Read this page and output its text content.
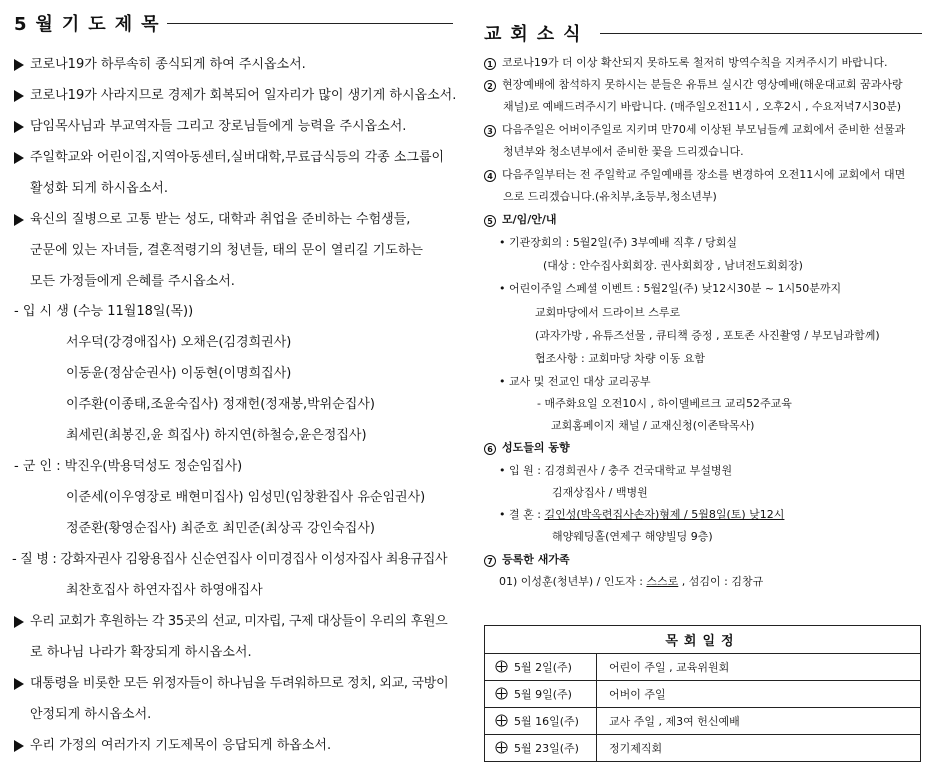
5월기도제목
코로나19가 하루속히 종식되게 하여 주시옵소서.
코로나19가 사라지므로 경제가 회복되어 일자리가 많이 생기게 하시옵소서.
담임목사님과 부교역자들 그리고 장로님들에게 능력을 주시옵소서.
주일학교와 어린이집,지역아동센터,실버대학,무료급식등의 각종 소그룹이
활성화 되게 하시옵소서.
육신의 질병으로 고통 받는 성도, 대학과 취업을 준비하는 수험생들,
군문에 있는 자녀들, 결혼적령기의 청년들, 태의 문이 열리길 기도하는
모든 가정들에게 은혜를 주시옵소서.
- 입 시 생 (수능 11월18일(목))
서우덕(강경애집사) 오채은(김경희권사)
이동윤(정삼순권사) 이동현(이명희집사)
이주환(이종태,조윤숙집사) 정재헌(정재봉,박위순집사)
최세린(최봉진,윤 희집사) 하지연(하철승,윤은정집사)
- 군 인 : 박진우(박용덕성도 정순임집사)
이준세(이우영장로 배현미집사) 임성민(임창환집사 유순임권사)
정준환(황영순집사) 최준호 최민준(최상곡 강인숙집사)
- 질 병 : 강화자권사 김왕용집사 신순연집사 이미경집사 이성자집사 최용규집사
최찬호집사 하연자집사 하영애집사
우리 교회가 후원하는 각 35곳의 선교, 미자립, 구제 대상들이 우리의 후원으
로 하나님 나라가 확장되게 하시옵소서.
대통령을 비롯한 모든 위정자들이 하나님을 두려워하므로 정치, 외교, 국방이
안정되게 하시옵소서.
우리 가정의 여러가지 기도제목이 응답되게 하옵소서.
교회소식
1 코로나19가 더 이상 확산되지 못하도록 철저히 방역수칙을 지켜주시기 바랍니다.
2 현장예배에 참석하지 못하시는 분들은 유튜브 실시간 영상예배(해운대교회 꿈과사랑
채널)로 예배드려주시기 바랍니다. (매주일오전11시 , 오후2시 , 수요저녁7시30분)
3 다음주일은 어버이주일로 지키며 만70세 이상된 부모님들께 교회에서 준비한 선물과
청년부와 청소년부에서 준비한 꽃을 드리겠습니다.
4 다음주일부터는 전 주일학교 주일예배를 장소를 변경하여 오전11시에 교회에서 대면
으로 드리겠습니다.(유치부,초등부,청소년부)
5 모/임/안/내
• 기관장회의 : 5월2일(주) 3부예배 직후 / 당회실
(대상 : 안수집사회회장. 권사회회장 , 남녀전도회회장)
• 어린이주일 스페셜 이벤트 : 5월2일(주) 낮12시30분 ~ 1시50분까지
교회마당에서 드라이브 스루로
(과자가방 , 유튜즈선물 , 큐티책 증정 , 포토존 사진촬영 / 부모님과함께)
협조사항 : 교회마당 차량 이동 요함
• 교사 및 전교인 대상 교리공부
- 매주화요일 오전10시 , 하이델베르크 교리52주교육
교회홈페이지 채널 / 교재신청(이존탁목사)
6 성도들의 동향
• 입 원 : 김경희권사 / 충주 건국대학교 부설병원
김재상집사 / 백병원
• 결 혼 : 길인성(박옥련집사손자)형제 / 5월8일(토) 낮12시
해양웨딩홀(연제구 해양빌딩 9층)
7 등록한 새가족
01) 이성훈(청년부) / 인도자 : 스스로 , 섬김이 : 김창규
목회일정	
5월 2일(주)	어린이 주일 , 교육위원회
5월 9일(주)	어버이 주일
5월 16일(주)	교사 주일 , 제3여 헌신예배
5월 23일(주)	정기제직회
